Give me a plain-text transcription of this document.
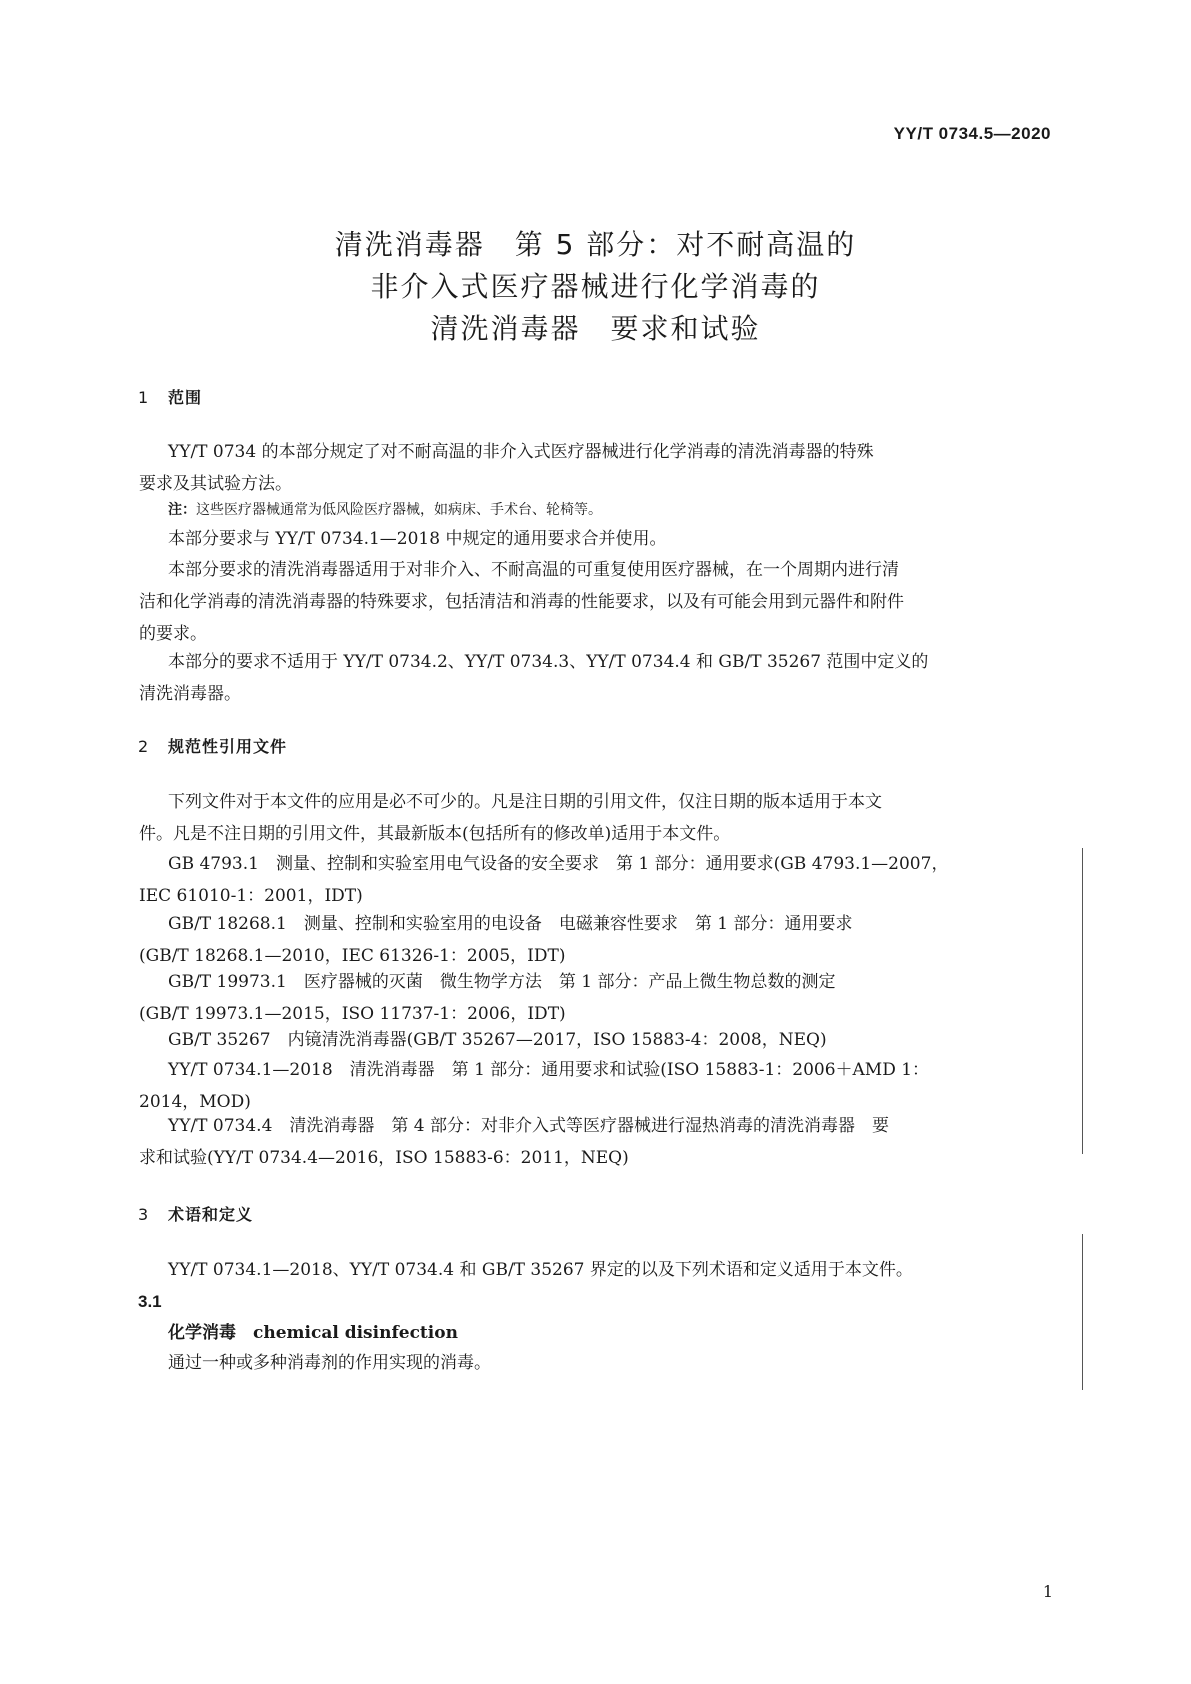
YY/T 0734.5—2020
清洗消毒器　第 5 部分：对不耐高温的
非介入式医疗器械进行化学消毒的
清洗消毒器　要求和试验
1 范围
YY/T 0734 的本部分规定了对不耐高温的非介入式医疗器械进行化学消毒的清洗消毒器的特殊
要求及其试验方法。
注：这些医疗器械通常为低风险医疗器械，如病床、手术台、轮椅等。
本部分要求与 YY/T 0734.1—2018 中规定的通用要求合并使用。
本部分要求的清洗消毒器适用于对非介入、不耐高温的可重复使用医疗器械，在一个周期内进行清
洁和化学消毒的清洗消毒器的特殊要求，包括清洁和消毒的性能要求，以及有可能会用到元器件和附件
的要求。
本部分的要求不适用于 YY/T 0734.2、YY/T 0734.3、YY/T 0734.4 和 GB/T 35267 范围中定义的
清洗消毒器。
2 规范性引用文件
下列文件对于本文件的应用是必不可少的。凡是注日期的引用文件，仅注日期的版本适用于本文
件。凡是不注日期的引用文件，其最新版本(包括所有的修改单)适用于本文件。
GB 4793.1　测量、控制和实验室用电气设备的安全要求　第 1 部分：通用要求(GB 4793.1—2007，
IEC 61010-1：2001，IDT)
GB/T 18268.1　测量、控制和实验室用的电设备　电磁兼容性要求　第 1 部分：通用要求
(GB/T 18268.1—2010，IEC 61326-1：2005，IDT)
GB/T 19973.1　医疗器械的灭菌　微生物学方法　第 1 部分：产品上微生物总数的测定
(GB/T 19973.1—2015，ISO 11737-1：2006，IDT)
GB/T 35267　内镜清洗消毒器(GB/T 35267—2017，ISO 15883-4：2008，NEQ)
YY/T 0734.1—2018　清洗消毒器　第 1 部分：通用要求和试验(ISO 15883-1：2006＋AMD 1：
2014，MOD)
YY/T 0734.4　清洗消毒器　第 4 部分：对非介入式等医疗器械进行湿热消毒的清洗消毒器　要
求和试验(YY/T 0734.4—2016，ISO 15883-6：2011，NEQ)
3 术语和定义
YY/T 0734.1—2018、YY/T 0734.4 和 GB/T 35267 界定的以及下列术语和定义适用于本文件。
3.1
化学消毒　chemical disinfection
通过一种或多种消毒剂的作用实现的消毒。
1
